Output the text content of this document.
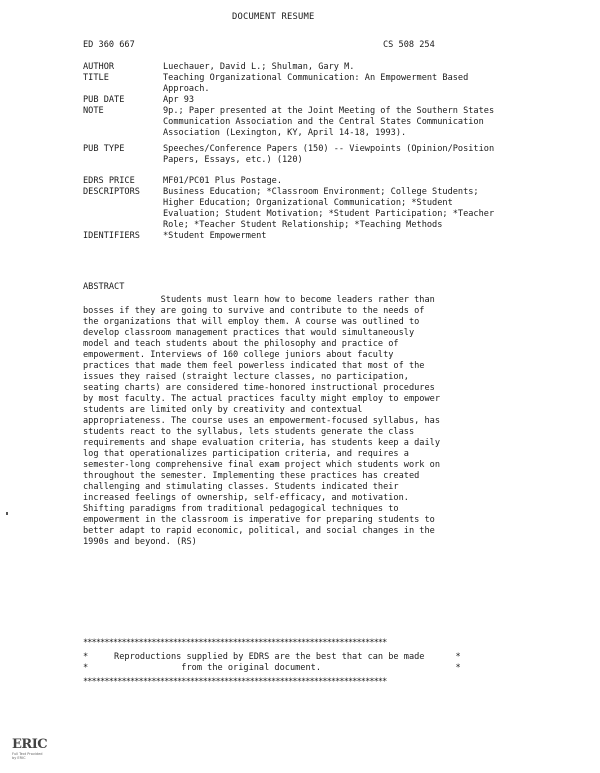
DOCUMENT RESUME
ED 360 667	CS 508 254
AUTHOR	Luechauer, David L.; Shulman, Gary M.
TITLE	Teaching Organizational Communication: An Empowerment Based Approach.
PUB DATE	Apr 93
NOTE	9p.; Paper presented at the Joint Meeting of the Southern States Communication Association and the Central States Communication Association (Lexington, KY, April 14-18, 1993).
PUB TYPE	Speeches/Conference Papers (150) -- Viewpoints (Opinion/Position Papers, Essays, etc.) (120)
EDRS PRICE	MF01/PC01 Plus Postage.
DESCRIPTORS	Business Education; *Classroom Environment; College Students; Higher Education; Organizational Communication; *Student Evaluation; Student Motivation; *Student Participation; *Teacher Role; *Teacher Student Relationship; *Teaching Methods
IDENTIFIERS	*Student Empowerment
ABSTRACT
Students must learn how to become leaders rather than
bosses if they are going to survive and contribute to the needs of
the organizations that will employ them. A course was outlined to
develop classroom management practices that would simultaneously
model and teach students about the philosophy and practice of
empowerment. Interviews of 160 college juniors about faculty
practices that made them feel powerless indicated that most of the
issues they raised (straight lecture classes, no participation,
seating charts) are considered time-honored instructional procedures
by most faculty. The actual practices faculty might employ to empower
students are limited only by creativity and contextual
appropriateness. The course uses an empowerment-focused syllabus, has
students react to the syllabus, lets students generate the class
requirements and shape evaluation criteria, has students keep a daily
log that operationalizes participation criteria, and requires a
semester-long comprehensive final exam project which students work on
throughout the semester. Implementing these practices has created
challenging and stimulating classes. Students indicated their
increased feelings of ownership, self-efficacy, and motivation.
Shifting paradigms from traditional pedagogical techniques to
empowerment in the classroom is imperative for preparing students to
better adapt to rapid economic, political, and social changes in the
1990s and beyond. (RS)
***********************************************************************
*     Reproductions supplied by EDRS are the best that can be made      *
*                  from the original document.                          *
***********************************************************************
ERIC
Full Text Provided by ERIC
